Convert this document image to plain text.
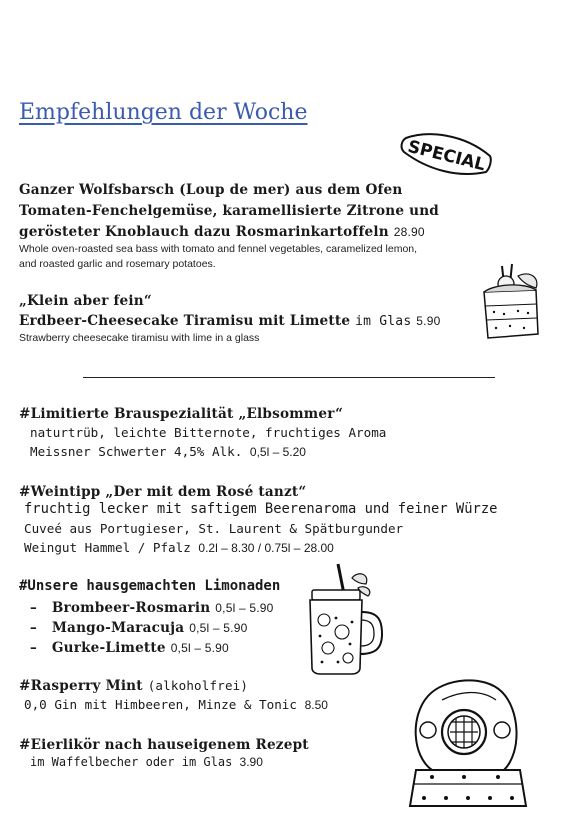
Empfehlungen der Woche
SPECIAL
Ganzer Wolfsbarsch (Loup de mer) aus dem Ofen
Tomaten-Fenchelgemüse, karamellisierte Zitrone und
gerösteter Knoblauch dazu Rosmarinkartoffeln 28.90
Whole oven-roasted sea bass with tomato and fennel vegetables, caramelized lemon,
and roasted garlic and rosemary potatoes.
„Klein aber fein“
Erdbeer-Cheesecake Tiramisu mit Limette im Glas 5.90
Strawberry cheesecake tiramisu with lime in a glass
#Limitierte Brauspezialität „Elbsommer“
naturtrüb, leichte Bitternote, fruchtiges Aroma
Meissner Schwerter 4,5% Alk. 0,5l – 5.20
#Weintipp „Der mit dem Rosé tanzt“
fruchtig lecker mit saftigem Beerenaroma und feiner Würze
Cuveé aus Portugieser, St. Laurent & Spätburgunder
Weingut Hammel / Pfalz 0.2l – 8.30 / 0.75l – 28.00
#Unsere hausgemachten Limonaden
– Brombeer-Rosmarin 0,5l – 5.90
– Mango-Maracuja 0,5l – 5.90
– Gurke-Limette 0,5l – 5.90
#Rasperry Mint (alkoholfrei)
0,0 Gin mit Himbeeren, Minze & Tonic 8.50
#Eierlikör nach hauseigenem Rezept
im Waffelbecher oder im Glas 3.90
